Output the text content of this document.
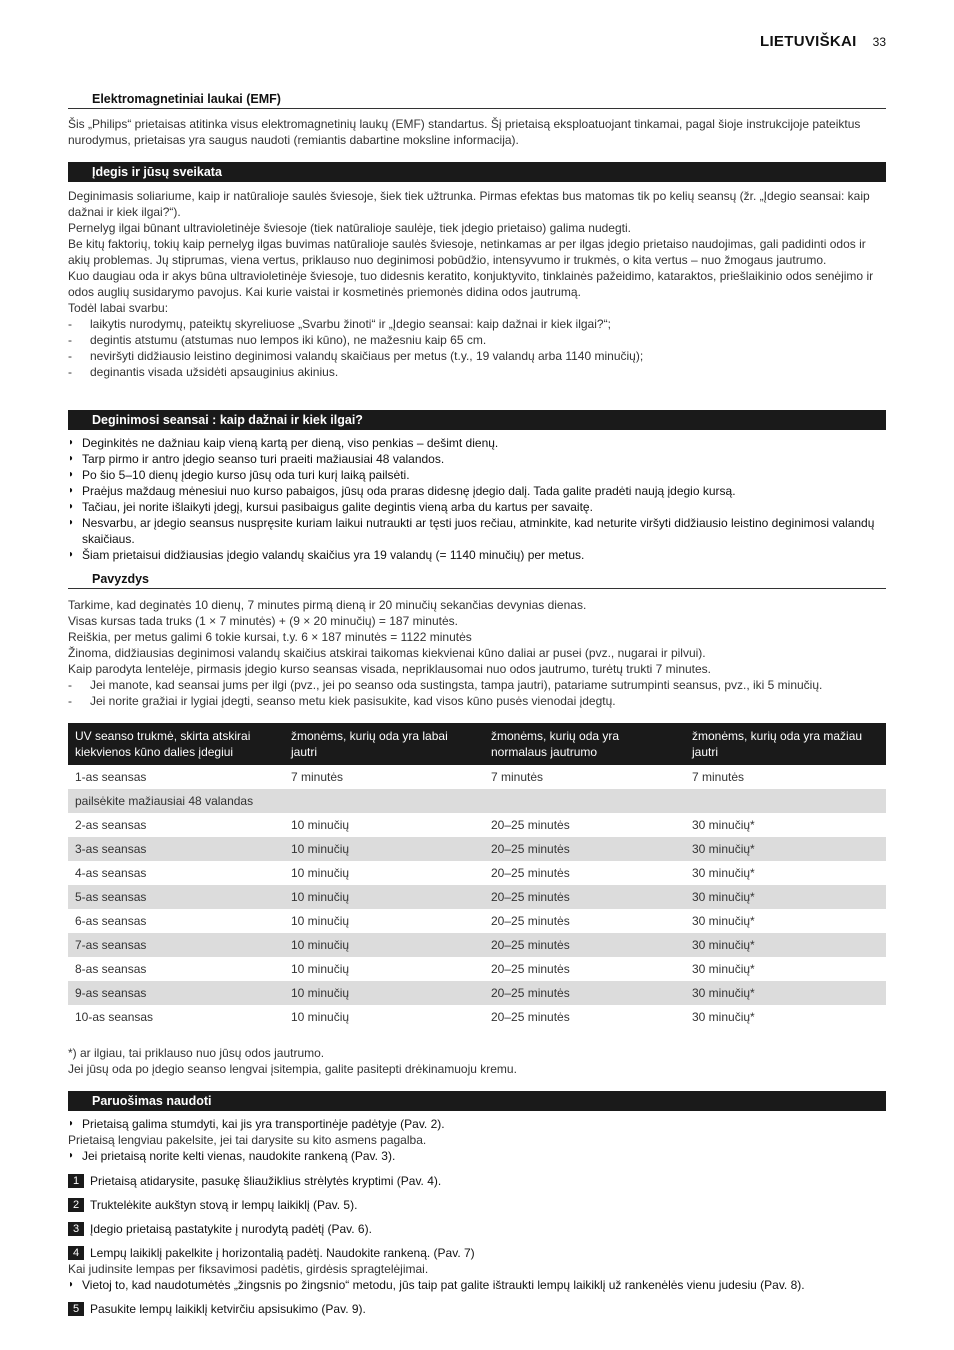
LIETUVIŠKAI 33
Elektromagnetiniai laukai (EMF)

Šis „Philips“ prietaisas atitinka visus elektromagnetinių laukų (EMF) standartus. Šį prietaisą eksploatuojant tinkamai, pagal šioje instrukcijoje pateiktus nurodymus, prietaisas yra saugus naudoti (remiantis dabartine moksline informacija).

Įdegis ir jūsų sveikata

Deginimasis soliariume, kaip ir natūralioje saulės šviesoje, šiek tiek užtrunka. Pirmas efektas bus matomas tik po kelių seansų (žr. „Įdegio seansai: kaip dažnai ir kiek ilgai?“).

Pernelyg ilgai būnant ultravioletinėje šviesoje (tiek natūralioje saulėje, tiek įdegio prietaiso) galima nudegti.

Be kitų faktorių, tokių kaip pernelyg ilgas buvimas natūralioje saulės šviesoje, netinkamas ar per ilgas įdegio prietaiso naudojimas, gali padidinti odos ir akių problemas. Jų stiprumas, viena vertus, priklauso nuo deginimosi pobūdžio, intensyvumo ir trukmės, o kita vertus – nuo žmogaus jautrumo.

Kuo daugiau oda ir akys būna ultravioletinėje šviesoje, tuo didesnis keratito, konjuktyvito, tinklainės pažeidimo, kataraktos, priešlaikinio odos senėjimo ir odos auglių susidarymo pavojus. Kai kurie vaistai ir kosmetinės priemonės didina odos jautrumą.

Todėl labai svarbu:

-	laikytis nurodymų, pateiktų skyreliuose „Svarbu žinoti“ ir „Įdegio seansai: kaip dažnai ir kiek ilgai?“;
-	degintis atstumu (atstumas nuo lempos iki kūno), ne mažesniu kaip 65 cm.
-	neviršyti didžiausio leistino deginimosi valandų skaičiaus per metus (t.y., 19 valandų arba 1140 minučių);
-	deginantis visada užsidėti apsauginius akinius.
Deginimosi seansai : kaip dažnai ir kiek ilgai?
◗ Deginkitės ne dažniau kaip vieną kartą per dieną, viso penkias – dešimt dienų.
◗ Tarp pirmo ir antro įdegio seanso turi praeiti mažiausiai 48 valandos.
◗ Po šio 5–10 dienų įdegio kurso jūsų oda turi kurį laiką pailsėti.
◗ Praėjus maždaug mėnesiui nuo kurso pabaigos, jūsų oda praras didesnę įdegio dalį. Tada galite pradėti naują įdegio kursą.
◗ Tačiau, jei norite išlaikyti įdegį, kursui pasibaigus galite degintis vieną arba du kartus per savaitę.
◗ Nesvarbu, ar įdegio seansus nuspręsite kuriam laikui nutraukti ar tęsti juos rečiau, atminkite, kad neturite viršyti didžiausio leistino deginimosi valandų skaičiaus.
◗ Šiam prietaisui didžiausias įdegio valandų skaičius yra 19 valandų (= 1140 minučių) per metus.
Pavyzdys

Tarkime, kad deginatės 10 dienų, 7 minutes pirmą dieną ir 20 minučių sekančias devynias dienas.

Visas kursas tada truks (1 × 7 minutės) + (9 × 20 minučių) = 187 minutės.

Reiškia, per metus galimi 6 tokie kursai, t.y. 6 × 187 minutės = 1122 minutės

Žinoma, didžiausias deginimosi valandų skaičius atskirai taikomas kiekvienai kūno daliai ar pusei (pvz., nugarai ir pilvui).

Kaip parodyta lentelėje, pirmasis įdegio kurso seansas visada, nepriklausomai nuo odos jautrumo, turėtų trukti 7 minutes.

-	Jei manote, kad seansai jums per ilgi (pvz., jei po seanso oda sustingsta, tampa jautri), patariame sutrumpinti seansus, pvz., iki 5 minučių.
-	Jei norite gražiai ir lygiai įdegti, seanso metu kiek pasisukite, kad visos kūno pusės vienodai įdegtų.
UV seanso trukmė, skirta atskirai kiekvienos kūno dalies įdegiui	žmonėms, kurių oda yra labai jautri	žmonėms, kurių oda yra normalaus jautrumo	žmonėms, kurių oda yra mažiau jautri
1-as seansas	7 minutės	7 minutės	7 minutės
pailsėkite mažiausiai 48 valandas			
2-as seansas	10 minučių	20–25 minutės	30 minučių*
3-as seansas	10 minučių	20–25 minutės	30 minučių*
4-as seansas	10 minučių	20–25 minutės	30 minučių*
5-as seansas	10 minučių	20–25 minutės	30 minučių*
6-as seansas	10 minučių	20–25 minutės	30 minučių*
7-as seansas	10 minučių	20–25 minutės	30 minučių*
8-as seansas	10 minučių	20–25 minutės	30 minučių*
9-as seansas	10 minučių	20–25 minutės	30 minučių*
10-as seansas	10 minučių	20–25 minutės	30 minučių*

*) ar ilgiau, tai priklauso nuo jūsų odos jautrumo.

Jei jūsų oda po įdegio seanso lengvai įsitempia, galite pasitepti drėkinamuoju kremu.

Paruošimas naudoti
◗ Prietaisą galima stumdyti, kai jis yra transportinėje padėtyje (Pav. 2).

Prietaisą lengviau pakelsite, jei tai darysite su kito asmens pagalba.

◗ Jei prietaisą norite kelti vienas, naudokite rankeną (Pav. 3).
1 Prietaisą atidarysite, pasukę šliaužiklius strėlytės kryptimi (Pav. 4).
2 Truktelėkite aukštyn stovą ir lempų laikiklį (Pav. 5).
3 Įdegio prietaisą pastatykite į nurodytą padėtį (Pav. 6).
4 Lempų laikiklį pakelkite į horizontalią padėtį. Naudokite rankeną. (Pav. 7)

Kai judinsite lempas per fiksavimosi padėtis, girdėsis spragtelėjimai.

◗ Vietoj to, kad naudotumėtės „žingsnis po žingsnio“ metodu, jūs taip pat galite ištraukti lempų laikiklį už rankenėlės vienu judesiu (Pav. 8).
5 Pasukite lempų laikiklį ketvirčiu apsisukimo (Pav. 9).
